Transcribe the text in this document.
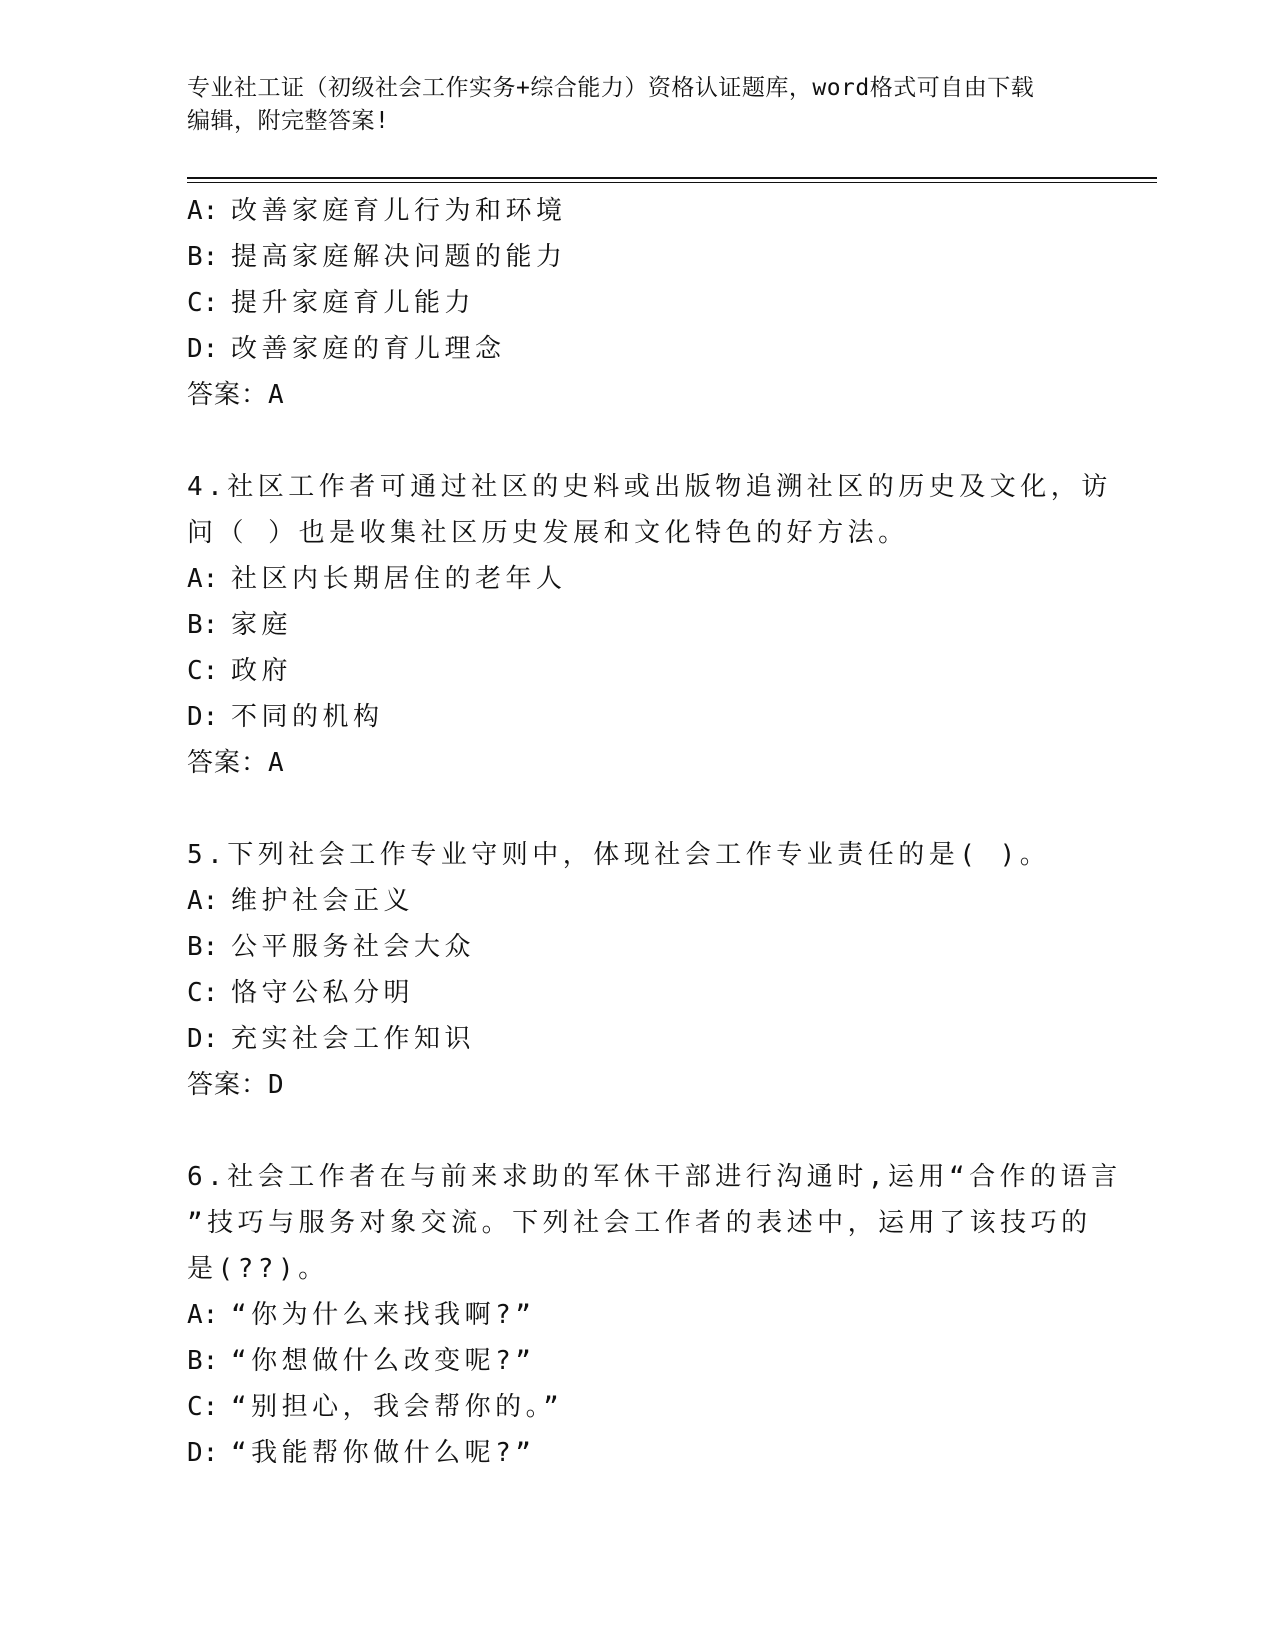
专业社工证（初级社会工作实务+综合能力）资格认证题库，word格式可自由下载
编辑，附完整答案!
A: 改善家庭育儿行为和环境
B: 提高家庭解决问题的能力
C: 提升家庭育儿能力
D: 改善家庭的育儿理念
答案：A
4.社区工作者可通过社区的史料或出版物追溯社区的历史及文化，访
问（ ）也是收集社区历史发展和文化特色的好方法。
A: 社区内长期居住的老年人
B: 家庭
C: 政府
D: 不同的机构
答案：A
5.下列社会工作专业守则中，体现社会工作专业责任的是( )。
A: 维护社会正义
B: 公平服务社会大众
C: 恪守公私分明
D: 充实社会工作知识
答案：D
6.社会工作者在与前来求助的军休干部进行沟通时,运用“合作的语言
”技巧与服务对象交流。下列社会工作者的表述中，运用了该技巧的
是(??)。
A: “你为什么来找我啊?”
B: “你想做什么改变呢?”
C: “别担心，我会帮你的。”
D: “我能帮你做什么呢?”
